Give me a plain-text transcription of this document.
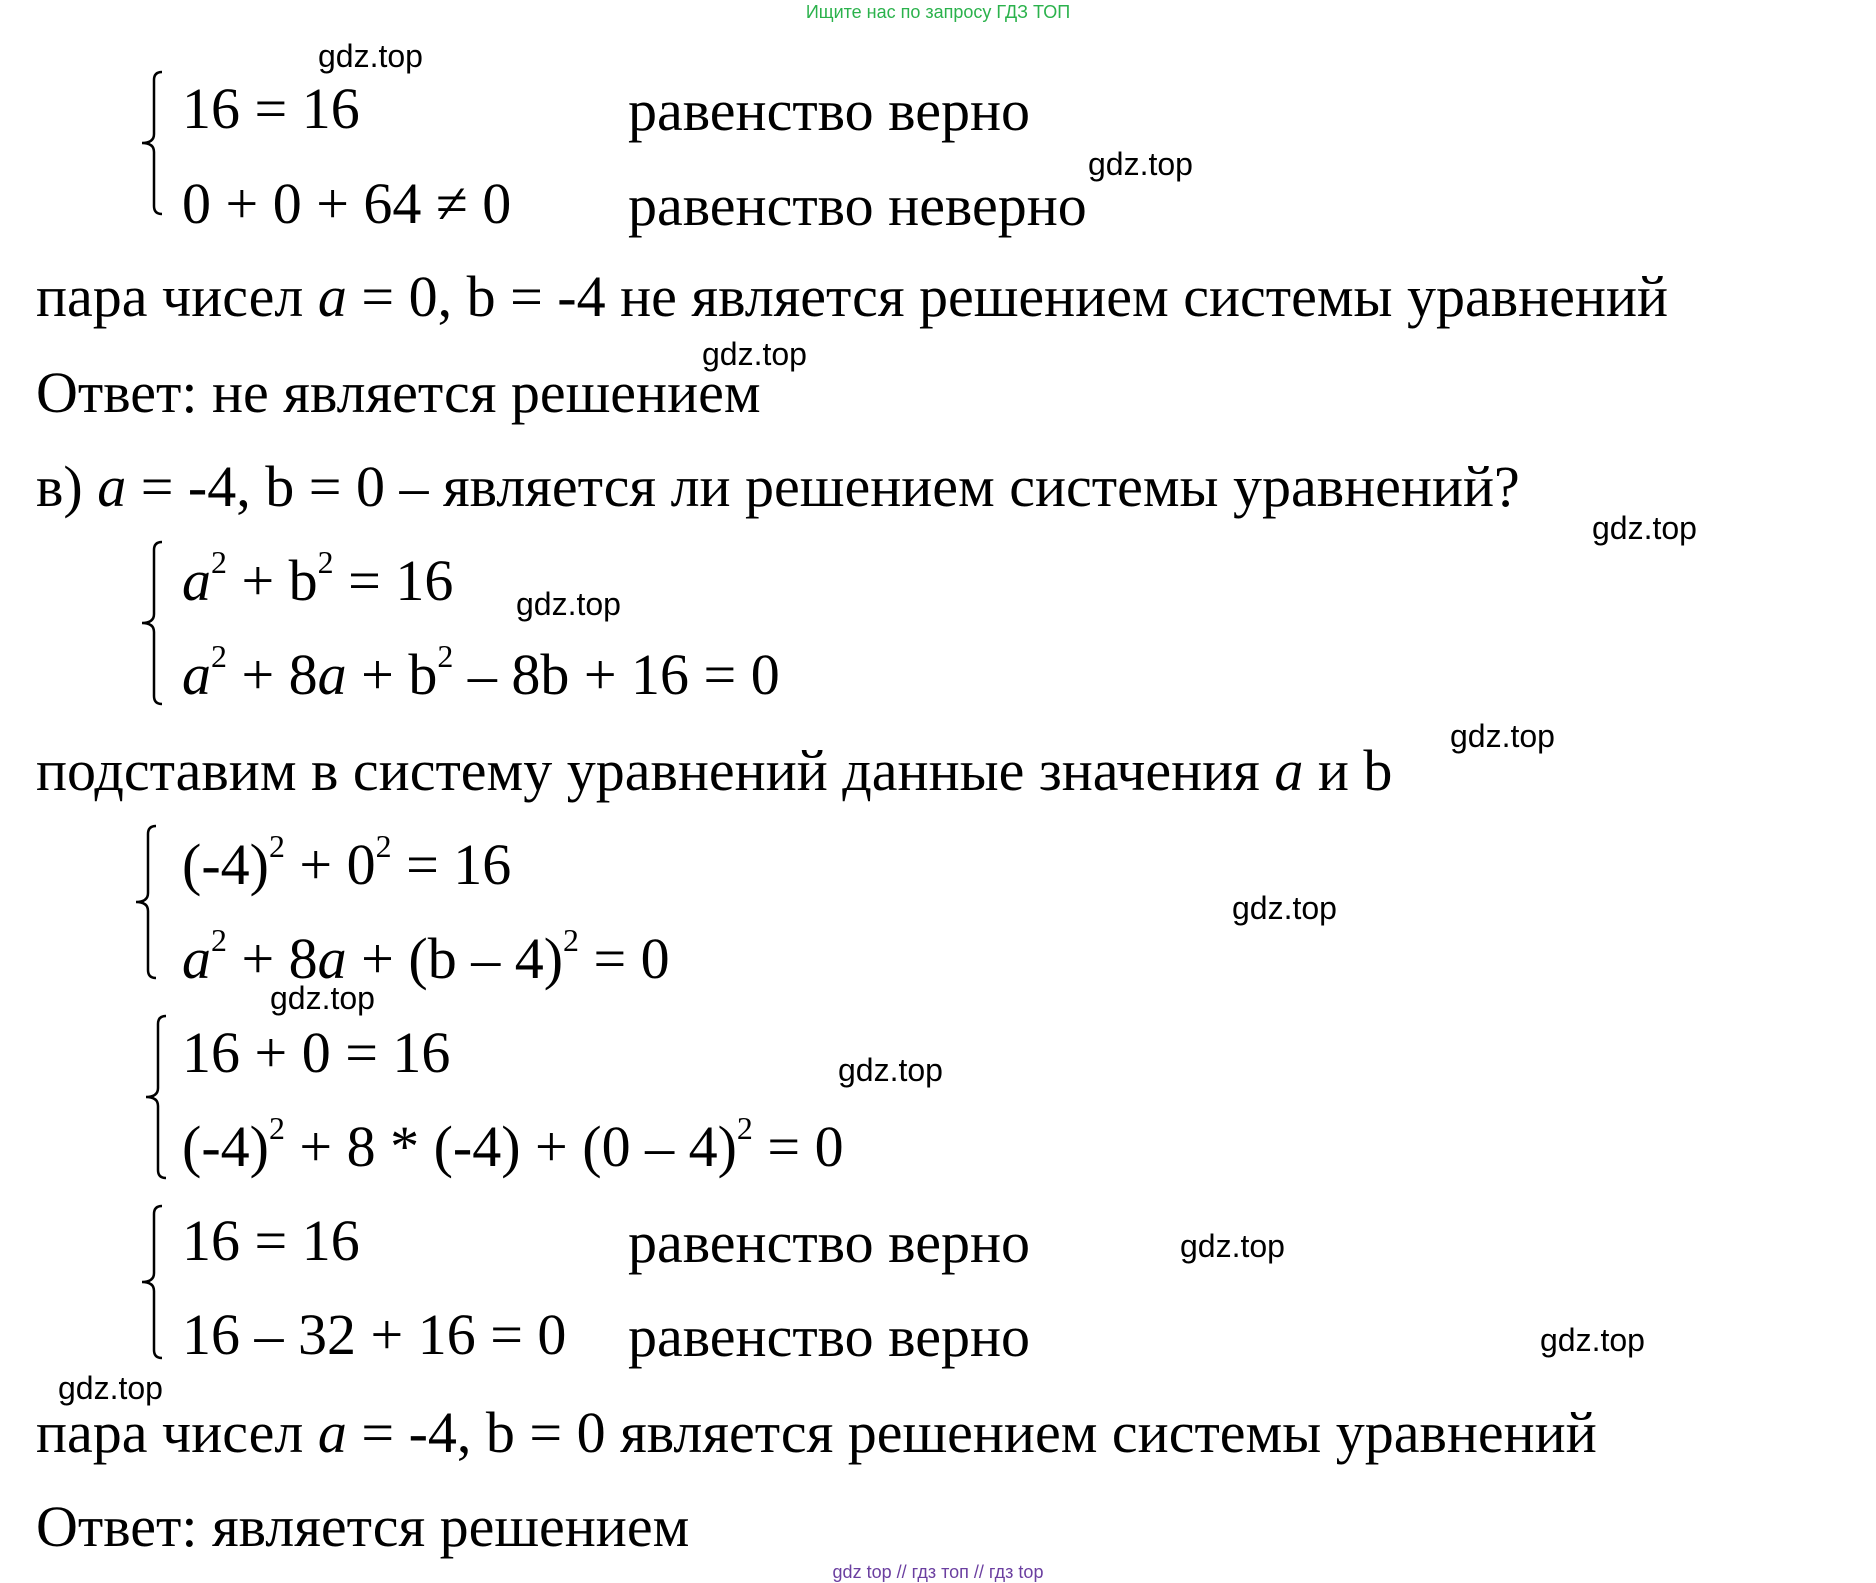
Ищите нас по запросу ГДЗ ТОП
16 = 16	равенство верно
0 + 0 + 64 ≠ 0 равенство неверно
пара чисел a = 0, b = -4 не является решением системы уравнений
Ответ: не является решением
в) a = -4, b = 0 – является ли решением системы уравнений?
$a^2 + b^2 = 16$
$a^2 + 8a + b^2 - 8b + 16 = 0$
подставим в систему уравнений данные значения a и b
$(-4)^2 + 0^2 = 16$
$a^2 + 8a + (b - 4)^2 = 0$
16 + 0 = 16
$(-4)^2 + 8 * (-4) + (0 - 4)^2 = 0$
16 = 16	равенство верно
16 – 32 + 16 = 0 равенство верно
пара чисел a = -4, b = 0 является решением системы уравнений
Ответ: является решением
gdz.top
gdz.top
gdz.top
gdz.top
gdz.top
gdz.top
gdz.top
gdz.top
gdz.top
gdz.top
gdz.top
gdz.top
gdz top // гдз топ // гдз top
